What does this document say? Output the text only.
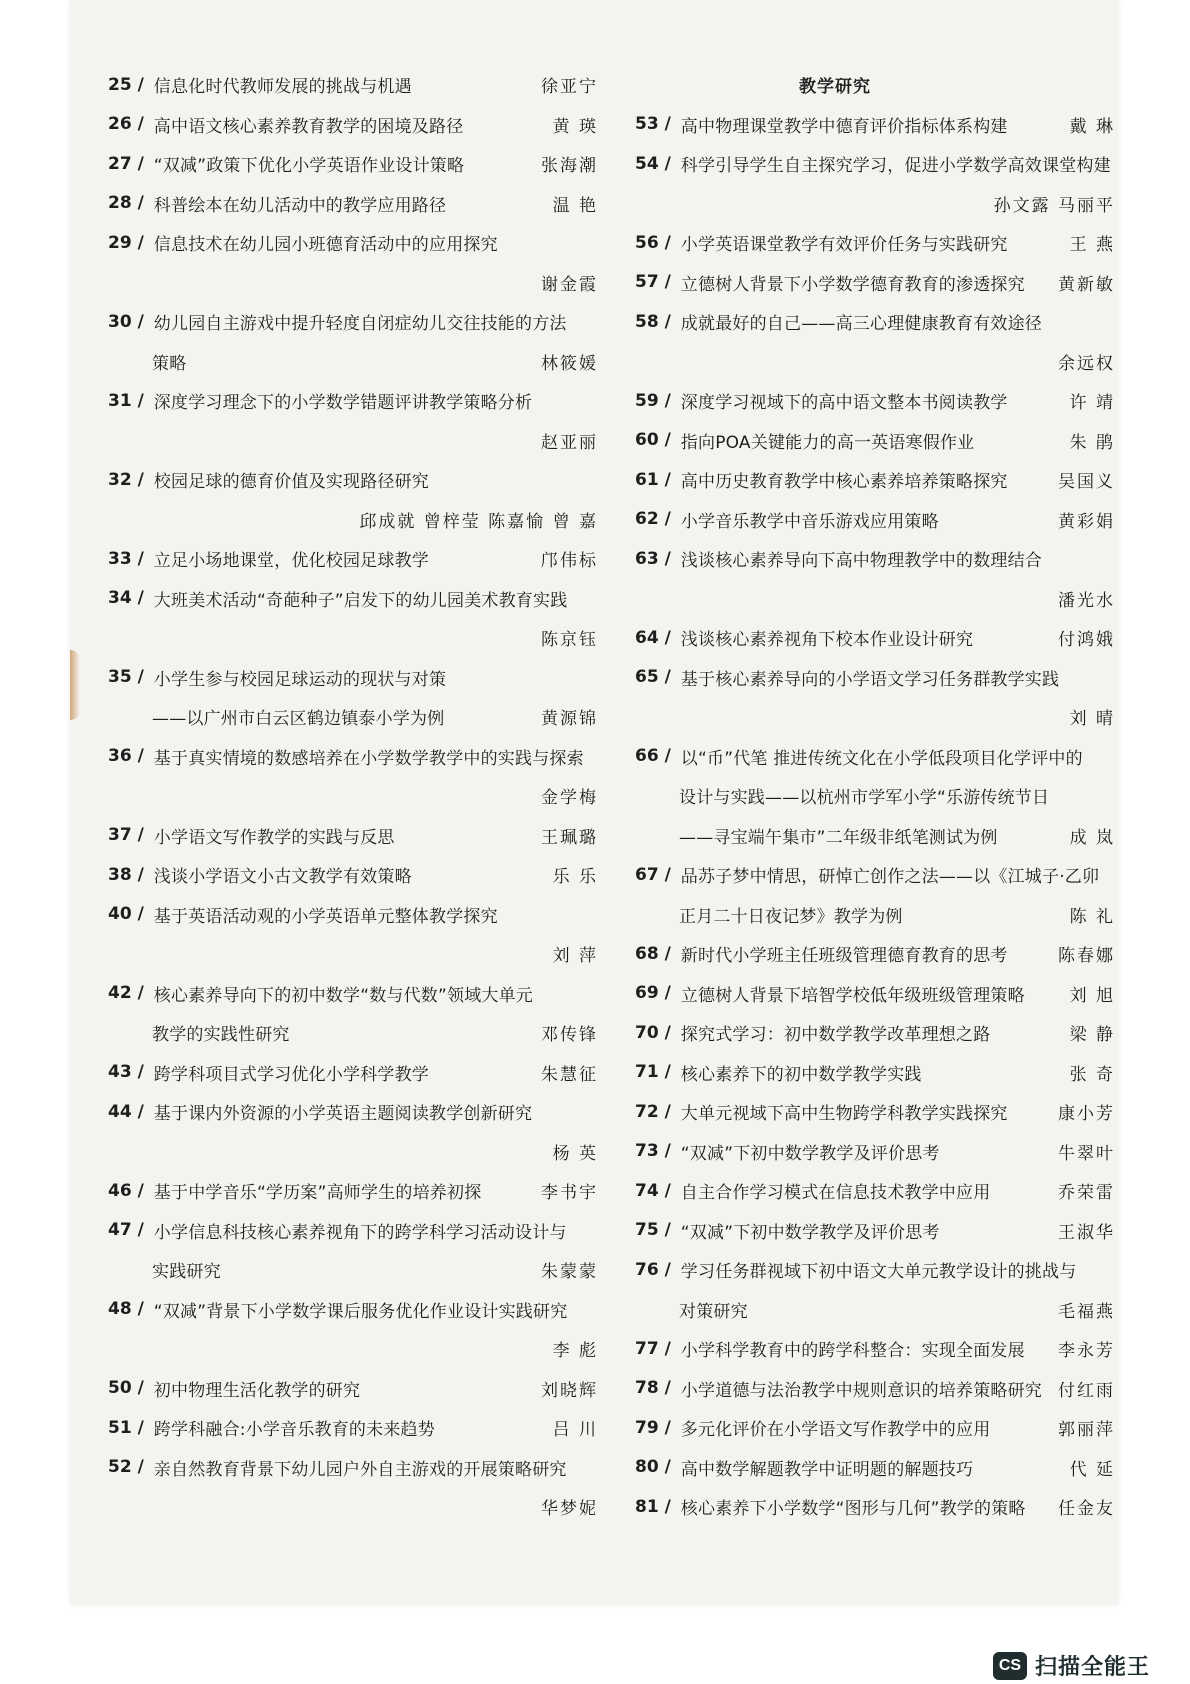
25 / 信息化时代教师发展的挑战与机遇	徐亚宁
26 / 高中语文核心素养教育教学的困境及路径	黄 瑛
27 / “双减”政策下优化小学英语作业设计策略	张海潮
28 / 科普绘本在幼儿活动中的教学应用路径	温 艳
29 / 信息技术在幼儿园小班德育活动中的应用探究
谢金霞
30 / 幼儿园自主游戏中提升轻度自闭症幼儿交往技能的方法
策略	林筱媛
31 / 深度学习理念下的小学数学错题评讲教学策略分析
赵亚丽
32 / 校园足球的德育价值及实现路径研究
邱成就 曾梓莹 陈嘉愉 曾 嘉
33 / 立足小场地课堂，优化校园足球教学	邝伟标
34 / 大班美术活动“奇葩种子”启发下的幼儿园美术教育实践
陈京钰
35 / 小学生参与校园足球运动的现状与对策
——以广州市白云区鹤边镇泰小学为例	黄源锦
36 / 基于真实情境的数感培养在小学数学教学中的实践与探索
金学梅
37 / 小学语文写作教学的实践与反思	王珮璐
38 / 浅谈小学语文小古文教学有效策略	乐 乐
40 / 基于英语活动观的小学英语单元整体教学探究
刘 萍
42 / 核心素养导向下的初中数学“数与代数”领域大单元
教学的实践性研究	邓传锋
43 / 跨学科项目式学习优化小学科学教学	朱慧征
44 / 基于课内外资源的小学英语主题阅读教学创新研究
杨 英
46 / 基于中学音乐“学历案”高师学生的培养初探	李书宇
47 / 小学信息科技核心素养视角下的跨学科学习活动设计与
实践研究	朱蒙蒙
48 / “双减”背景下小学数学课后服务优化作业设计实践研究
李 彪
50 / 初中物理生活化教学的研究	刘晓辉
51 / 跨学科融合:小学音乐教育的未来趋势	吕 川
52 / 亲自然教育背景下幼儿园户外自主游戏的开展策略研究
华梦妮
教学研究
53 / 高中物理课堂教学中德育评价指标体系构建	戴 琳
54 / 科学引导学生自主探究学习，促进小学数学高效课堂构建
孙文露 马丽平
56 / 小学英语课堂教学有效评价任务与实践研究	王 燕
57 / 立德树人背景下小学数学德育教育的渗透探究 黄新敏
58 / 成就最好的自己——高三心理健康教育有效途径
余远权
59 / 深度学习视域下的高中语文整本书阅读教学	许 靖
60 / 指向POA关键能力的高一英语寒假作业	朱 鹃
61 / 高中历史教育教学中核心素养培养策略探究	吴国义
62 / 小学音乐教学中音乐游戏应用策略	黄彩娟
63 / 浅谈核心素养导向下高中物理教学中的数理结合
潘光水
64 / 浅谈核心素养视角下校本作业设计研究	付鸿娥
65 / 基于核心素养导向的小学语文学习任务群教学实践
刘 晴
66 / 以“币”代笔 推进传统文化在小学低段项目化学评中的
设计与实践——以杭州市学军小学“乐游传统节日
——寻宝端午集市”二年级非纸笔测试为例	成 岚
67 / 品苏子梦中情思，研悼亡创作之法——以《江城子·乙卯
正月二十日夜记梦》教学为例	陈 礼
68 / 新时代小学班主任班级管理德育教育的思考	陈春娜
69 / 立德树人背景下培智学校低年级班级管理策略	刘 旭
70 / 探究式学习：初中数学教学改革理想之路	梁 静
71 / 核心素养下的初中数学教学实践	张 奇
72 / 大单元视域下高中生物跨学科教学实践探究	康小芳
73 / “双减”下初中数学教学及评价思考	牛翠叶
74 / 自主合作学习模式在信息技术教学中应用	乔荣雷
75 / “双减”下初中数学教学及评价思考	王淑华
76 / 学习任务群视域下初中语文大单元教学设计的挑战与
对策研究	毛福燕
77 / 小学科学教育中的跨学科整合：实现全面发展 李永芳
78 / 小学道德与法治教学中规则意识的培养策略研究 付红雨
79 / 多元化评价在小学语文写作教学中的应用	郭丽萍
80 / 高中数学解题教学中证明题的解题技巧	代 延
81 / 核心素养下小学数学“图形与几何”教学的策略 任金友
CS 扫描全能王
